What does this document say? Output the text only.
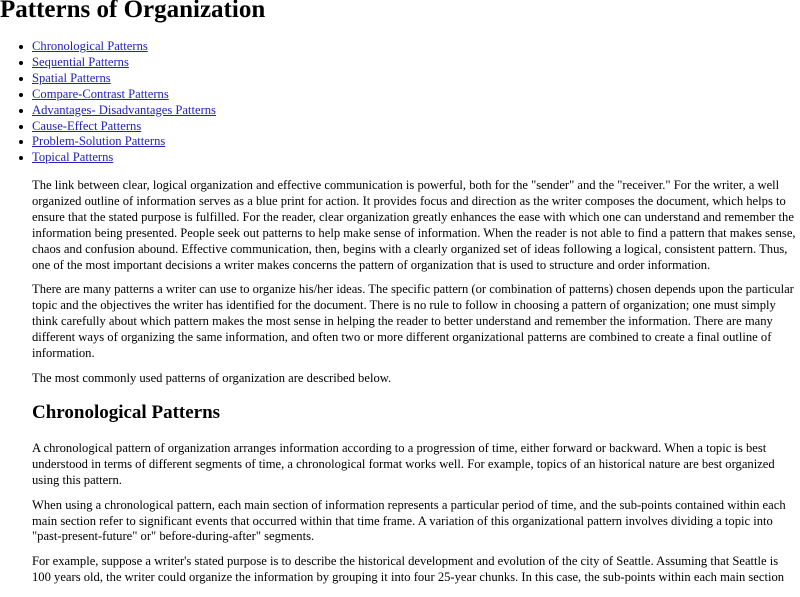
Patterns of Organization
Chronological Patterns
Sequential Patterns
Spatial Patterns
Compare-Contrast Patterns
Advantages- Disadvantages Patterns
Cause-Effect Patterns
Problem-Solution Patterns
Topical Patterns

The link between clear, logical organization and effective communication is powerful, both for the "sender" and the "receiver." For the writer, a well organized outline of information serves as a blue print for action. It provides focus and direction as the writer composes the document, which helps to ensure that the stated purpose is fulfilled. For the reader, clear organization greatly enhances the ease with which one can understand and remember the information being presented. People seek out patterns to help make sense of information. When the reader is not able to find a pattern that makes sense, chaos and confusion abound. Effective communication, then, begins with a clearly organized set of ideas following a logical, consistent pattern. Thus, one of the most important decisions a writer makes concerns the pattern of organization that is used to structure and order information.

There are many patterns a writer can use to organize his/her ideas. The specific pattern (or combination of patterns) chosen depends upon the particular topic and the objectives the writer has identified for the document. There is no rule to follow in choosing a pattern of organization; one must simply think carefully about which pattern makes the most sense in helping the reader to better understand and remember the information. There are many different ways of organizing the same information, and often two or more different organizational patterns are combined to create a final outline of information.

The most commonly used patterns of organization are described below.

Chronological Patterns

A chronological pattern of organization arranges information according to a progression of time, either forward or backward. When a topic is best understood in terms of different segments of time, a chronological format works well. For example, topics of an historical nature are best organized using this pattern.

When using a chronological pattern, each main section of information represents a particular period of time, and the sub-points contained within each main section refer to significant events that occurred within that time frame. A variation of this organizational pattern involves dividing a topic into "past-present-future" or" before-during-after" segments.

For example, suppose a writer's stated purpose is to describe the historical development and evolution of the city of Seattle. Assuming that Seattle is 100 years old, the writer could organize the information by grouping it into four 25-year chunks. In this case, the sub-points within each main section
